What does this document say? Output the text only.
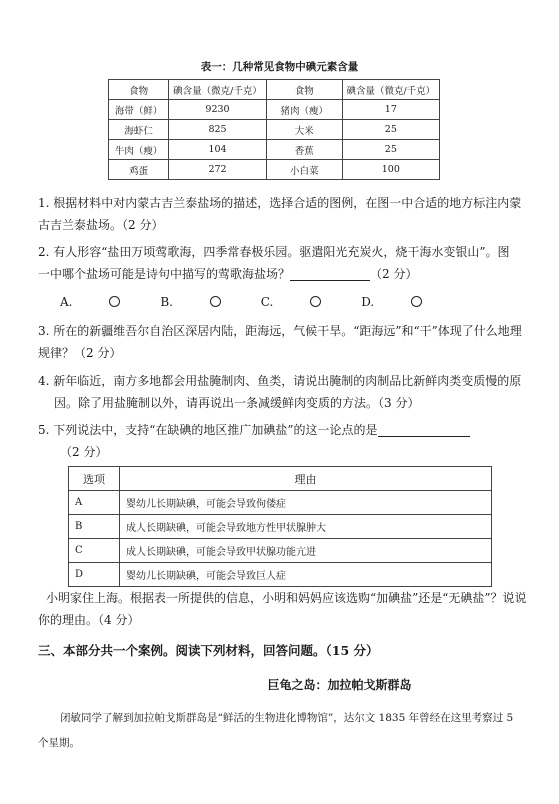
表一：几种常见食物中碘元素含量
食物	碘含量（微克/千克）	食物	碘含量（微克/千克）
海带（鲜）	9230	猪肉（瘦）	17
海虾仁	825	大米	25
牛肉（瘦）	104	香蕉	25
鸡蛋	272	小白菜	100
1. 根据材料中对内蒙古吉兰泰盐场的描述，选择合适的图例，在图一中合适的地方标注内蒙
古吉兰泰盐场。（2 分）
2. 有人形容“盐田万顷莺歌海，四季常春极乐园。驱遣阳光充炭火，烧干海水变银山”。图
一中哪个盐场可能是诗句中描写的莺歌海盐场？	（2 分）
A.	B.	C.	D.
3. 所在的新疆维吾尔自治区深居内陆，距海远，气候干旱。“距海远”和“干”体现了什么地理
规律？（2 分）
4. 新年临近，南方多地都会用盐腌制肉、鱼类，请说出腌制的肉制品比新鲜肉类变质慢的原
因。除了用盐腌制以外，请再说出一条减缓鲜肉变质的方法。（3 分）
5. 下列说法中，支持“在缺碘的地区推广加碘盐”的这一论点的是
（2 分）
选项	理由
A	婴幼儿长期缺碘，可能会导致佝偻症
B	成人长期缺碘，可能会导致地方性甲状腺肿大
C	成人长期缺碘，可能会导致甲状腺功能亢进
D	婴幼儿长期缺碘，可能会导致巨人症
小明家住上海。根据表一所提供的信息，小明和妈妈应该选购“加碘盐”还是“无碘盐”？说说
你的理由。（4 分）
三、本部分共一个案例。阅读下列材料，回答问题。（15 分）
巨龟之岛：加拉帕戈斯群岛
闭敏同学了解到加拉帕戈斯群岛是“鲜活的生物进化博物馆”，达尔文 1835 年曾经在这里考察过 5 个星期。
